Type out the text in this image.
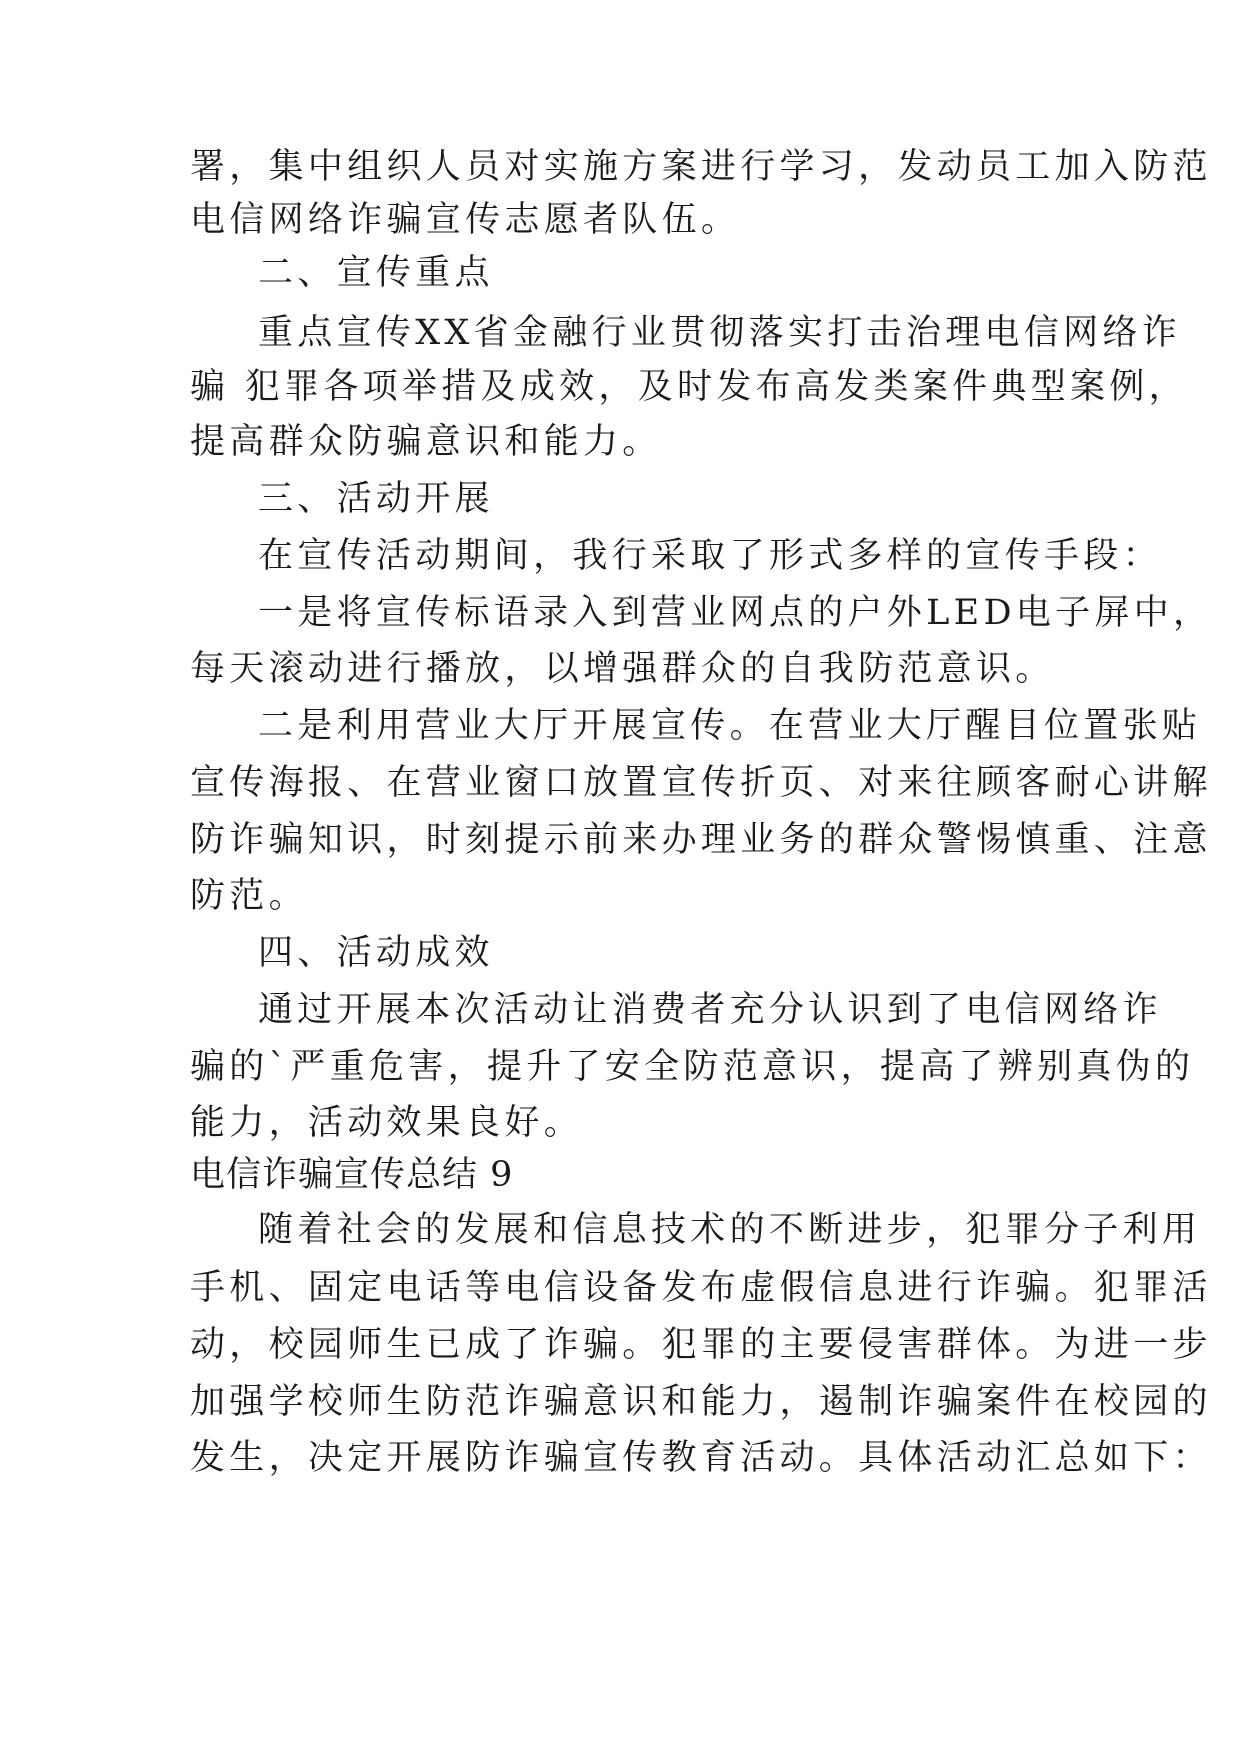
署，集中组织人员对实施方案进行学习，发动员工加入防范
电信网络诈骗宣传志愿者队伍。
二、宣传重点
重点宣传XX省金融行业贯彻落实打击治理电信网络诈
骗 犯罪各项举措及成效，及时发布高发类案件典型案例，
提高群众防骗意识和能力。
三、活动开展
在宣传活动期间，我行采取了形式多样的宣传手段：
一是将宣传标语录入到营业网点的户外LED电子屏中，
每天滚动进行播放，以增强群众的自我防范意识。
二是利用营业大厅开展宣传。在营业大厅醒目位置张贴
宣传海报、在营业窗口放置宣传折页、对来往顾客耐心讲解
防诈骗知识，时刻提示前来办理业务的群众警惕慎重、注意
防范。
四、活动成效
通过开展本次活动让消费者充分认识到了电信网络诈
骗的`严重危害，提升了安全防范意识，提高了辨别真伪的
能力，活动效果良好。
电信诈骗宣传总结 9
随着社会的发展和信息技术的不断进步，犯罪分子利用
手机、固定电话等电信设备发布虚假信息进行诈骗。犯罪活
动，校园师生已成了诈骗。犯罪的主要侵害群体。为进一步
加强学校师生防范诈骗意识和能力，遏制诈骗案件在校园的
发生，决定开展防诈骗宣传教育活动。具体活动汇总如下：
